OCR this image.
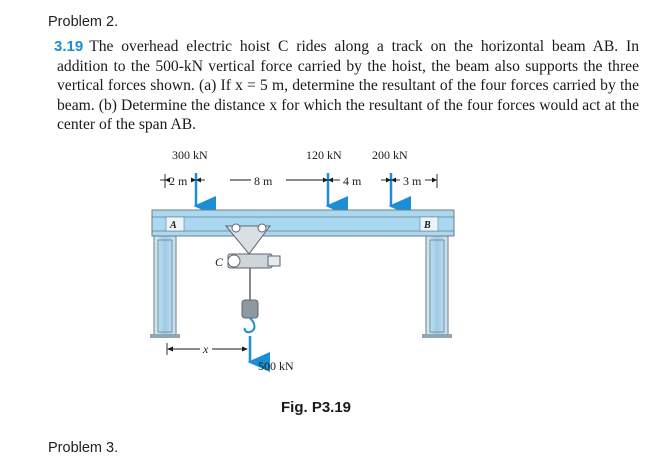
Problem 2.
3.19 The overhead electric hoist C rides along a track on the horizontal beam AB. In addition to the 500-kN vertical force carried by the hoist, the beam also supports the three vertical forces shown. (a) If x = 5 m, determine the resultant of the four forces carried by the beam. (b) Determine the distance x for which the resultant of the four forces would act at the center of the span AB.
300 kN	120 kN	200 kN
2 m	8 m	4 m	3 m
A	B
C
500 kN
x
Fig. P3.19
Problem 3.
